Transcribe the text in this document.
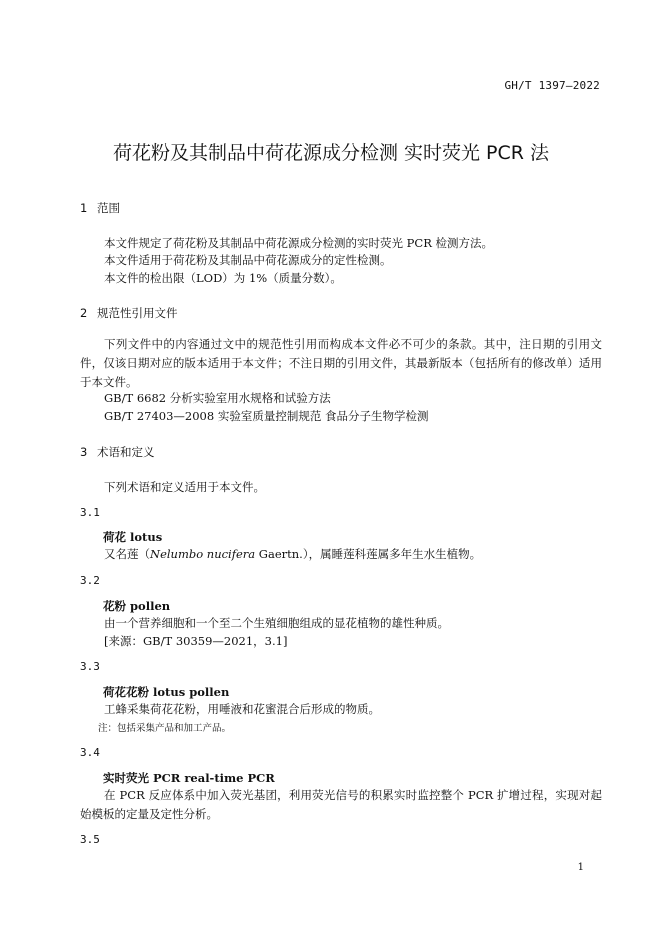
GH/T 1397—2022
荷花粉及其制品中荷花源成分检测 实时荧光 PCR 法
1 范围
本文件规定了荷花粉及其制品中荷花源成分检测的实时荧光 PCR 检测方法。
本文件适用于荷花粉及其制品中荷花源成分的定性检测。
本文件的检出限（LOD）为 1%（质量分数）。
2 规范性引用文件
下列文件中的内容通过文中的规范性引用而构成本文件必不可少的条款。其中，注日期的引用文件，仅该日期对应的版本适用于本文件；不注日期的引用文件，其最新版本（包括所有的修改单）适用于本文件。
GB/T 6682 分析实验室用水规格和试验方法
GB/T 27403—2008 实验室质量控制规范 食品分子生物学检测
3 术语和定义
下列术语和定义适用于本文件。
3.1
荷花 lotus
又名莲（Nelumbo nucifera Gaertn.），属睡莲科莲属多年生水生植物。
3.2
花粉 pollen
由一个营养细胞和一个至二个生殖细胞组成的显花植物的雄性种质。
[来源：GB/T 30359—2021，3.1]
3.3
荷花花粉 lotus pollen
工蜂采集荷花花粉，用唾液和花蜜混合后形成的物质。
注：包括采集产品和加工产品。
3.4
实时荧光 PCR real-time PCR
在 PCR 反应体系中加入荧光基团，利用荧光信号的积累实时监控整个 PCR 扩增过程，实现对起始模板的定量及定性分析。
3.5
1
